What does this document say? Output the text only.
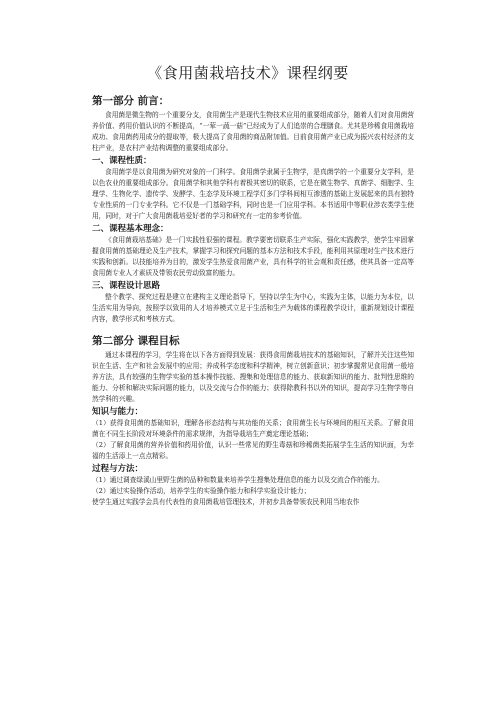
《食用菌栽培技术》课程纲要
第一部分 前言：

食用菌是微生物的一个重要分支，食用菌生产是现代生物技术应用的重要组成部分，随着人们对食用菌营养价值、药用价值认识的不断提高，“一荤一蔬一菇”已经成为了人们追崇的合理膳食。尤其是珍稀食用菌栽培成功、食用菌药用成分的提取等，极大提高了食用菌的商品附加值。目前食用菌产业已成为振兴农村经济的支柱产业，是农村产业结构调整的重要组成部分。

一、课程性质：

食用菌学是以食用菌为研究对象的一门科学。食用菌学隶属于生物学，是真菌学的一个重要分支学科，是以色农业的重要组成部分。食用菌学和其他学科有着极其密切的联系，它是在微生物学、真菌学、细胞学、生理学、生物化学、遗传学、发酵学、生态学及环境工程学灯多门学科间相互渗透的基础上发展起来的具有独特专业性质的一门专业学科。它不仅是一门基础学科，同时也是一门应用学科。本书适用中等职业涉农类学生使用，同时，对于广大食用菌栽培爱好者的学习和研究有一定的参考价值。

二、课程基本理念：

《食用菌栽培基础》是一门实践性很强的课程。教学要密切联系生产实际，强化实践教学，使学生牢固掌握食用菌的基础理论及生产技术，掌握学习和探究问题的基本方法和技术手段，能利用其原理对生产技术进行实践和创新。以技能培养为目的，激发学生热爱食用菌产业，具有科学的社会观和责任感，使其具备一定高等食用菌专业人才素质及带领农民劳动致富的能力。

三、课程设计思路

整个教学、探究过程是建立在建构主义理论指导下，坚持以学生为中心，实践为主体，以能力为本位，以生活实用为导向，按照学以致用的人才培养模式立足于生活和生产为载体的课程教学设计，重新规划设计课程内容，教学形式和考核方式。

第二部分 课程目标

通过本课程的学习，学生将在以下各方面得到发展：获得食用菌栽培技术的基础知识，了解并关注这些知识在生活、生产和社会发展中的应用；养成科学态度和科学精神，树立创新意识；初步掌握常见食用菌一般培养方法，具有较强的生物学实验的基本操作技能、搜集和处理信息的能力、获取新知识的能力、批判性思维的能力、分析和解决实际问题的能力，以及交流与合作的能力；获得除教科书以外的知识，提高学习生物学等自然学科的兴趣。

知识与能力：

（1）获得食用菌的基础知识，理解各形态结构与其功能的关系；食用菌生长与环境间的相互关系。了解食用菌在不同生长阶段对环境条件的需求规律，为指导栽培生产奠定理论基础；

（2）了解食用菌的营养价值和药用价值，认识一些常见的野生毒菇和珍稀菌类拓展学生生活的知识面，为幸福的生活添上一点点精彩。

过程与方法：

（1）通过调查绿溪山里野生菌的品种和数量来培养学生搜集处理信息的能力以及交流合作的能力。

（2）通过实验操作活动，培养学生的实验操作能力和科学实验设计能力；

使学生通过实践学会具有代表性的食用菌栽培管理技术，并初步具备带领农民利用当地农作
